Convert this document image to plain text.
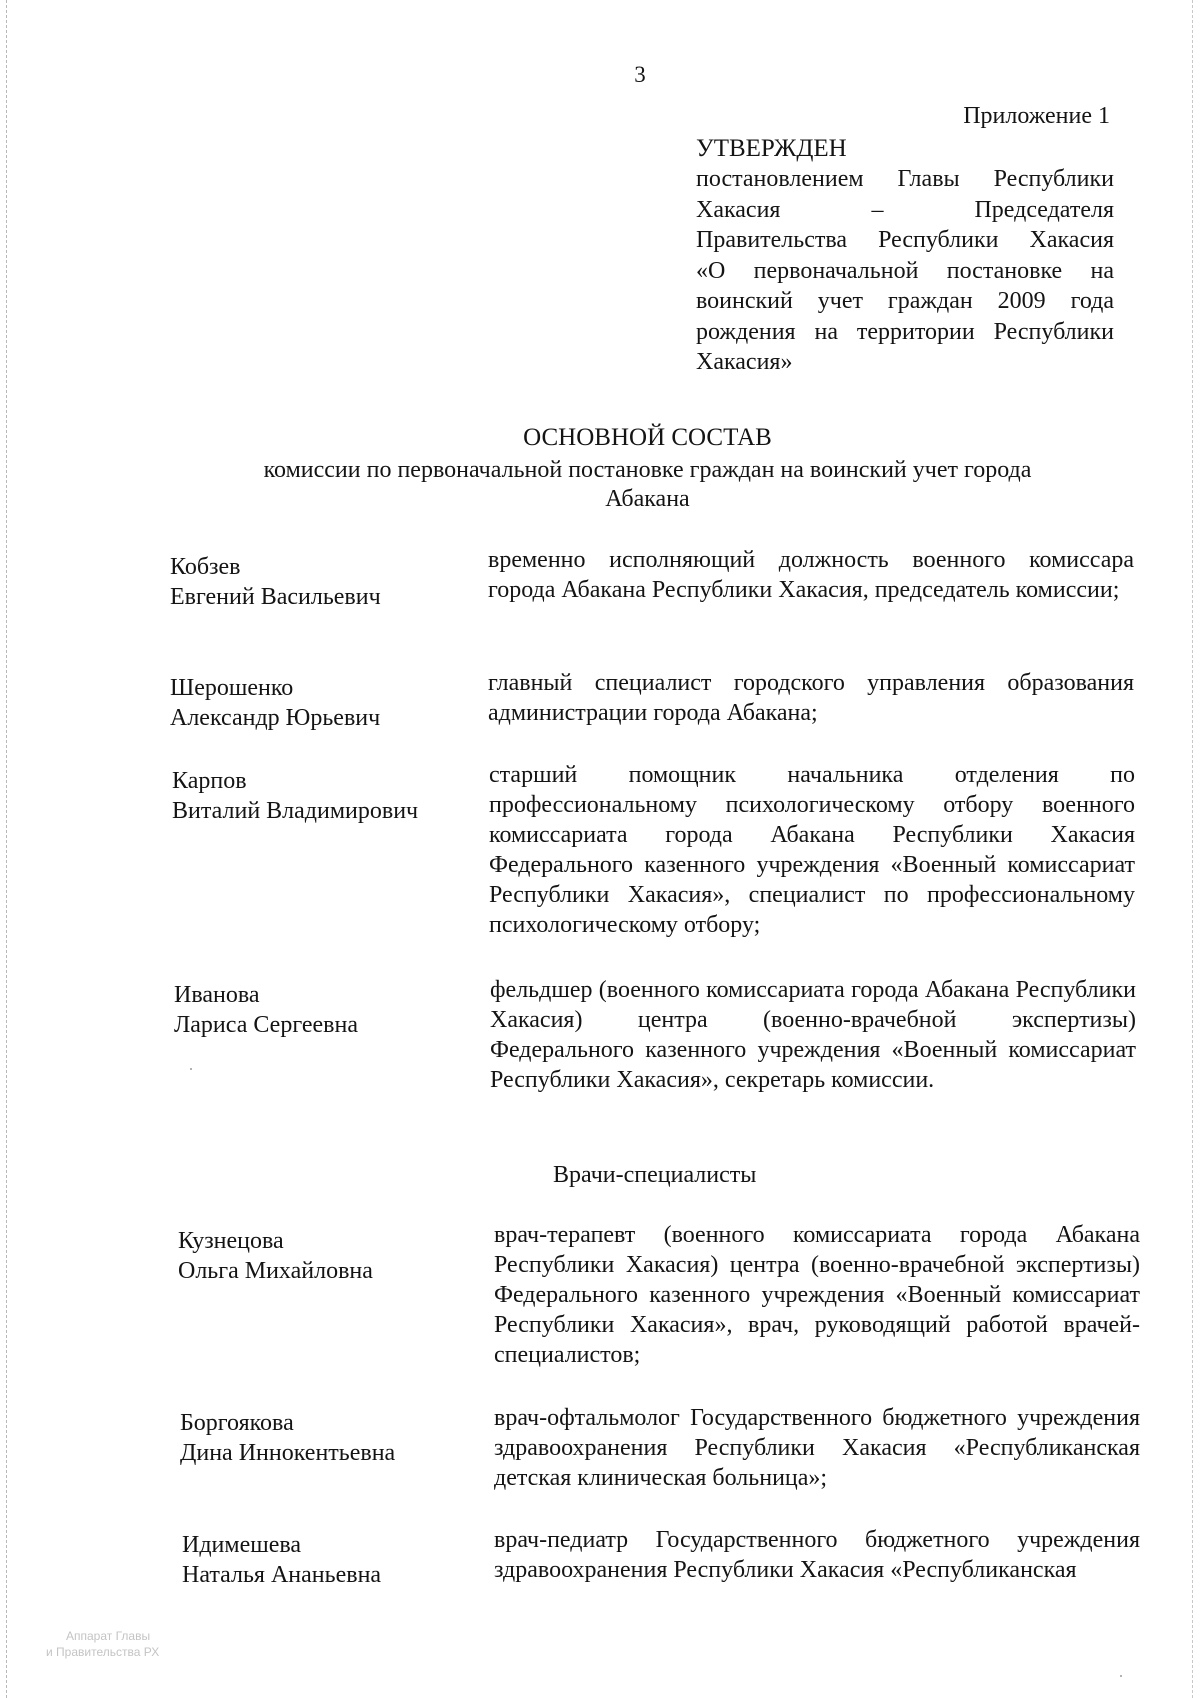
3
Приложение 1
УТВЕРЖДЕН
постановлением Главы Республики
Хакасия – Председателя
Правительства Республики Хакасия
«О первоначальной постановке на
воинский учет граждан 2009 года
рождения на территории Республики
Хакасия»
ОСНОВНОЙ СОСТАВ
комиссии по первоначальной постановке граждан на воинский учет города
Абакана
Кобзев
Евгений Васильевич
временно исполняющий должность военного комиссара города Абакана Республики Хакасия, председатель комиссии;
Шерошенко
Александр Юрьевич
главный специалист городского управления образования администрации города Абакана;
Карпов
Виталий Владимирович
старший помощник начальника отделения по профессиональному психологическому отбору военного комиссариата города Абакана Республики Хакасия Федерального казенного учреждения «Военный комиссариат Республики Хакасия», специалист по профессиональному психологическому отбору;
Иванова
Лариса Сергеевна
фельдшер (военного комиссариата города Абакана Республики Хакасия) центра (военно-врачебной экспертизы) Федерального казенного учреждения «Военный комиссариат Республики Хакасия», секретарь комиссии.
Врачи-специалисты
Кузнецова
Ольга Михайловна
врач-терапевт (военного комиссариата города Абакана Республики Хакасия) центра (военно-врачебной экспертизы) Федерального казенного учреждения «Военный комиссариат Республики Хакасия», врач, руководящий работой врачей-специалистов;
Боргоякова
Дина Иннокентьевна
врач-офтальмолог Государственного бюджетного учреждения здравоохранения Республики Хакасия «Республиканская детская клиническая больница»;
Идимешева
Наталья Ананьевна
врач-педиатр Государственного бюджетного учреждения здравоохранения Республики Хакасия «Республиканская
Аппарат Главы
и Правительства РХ
